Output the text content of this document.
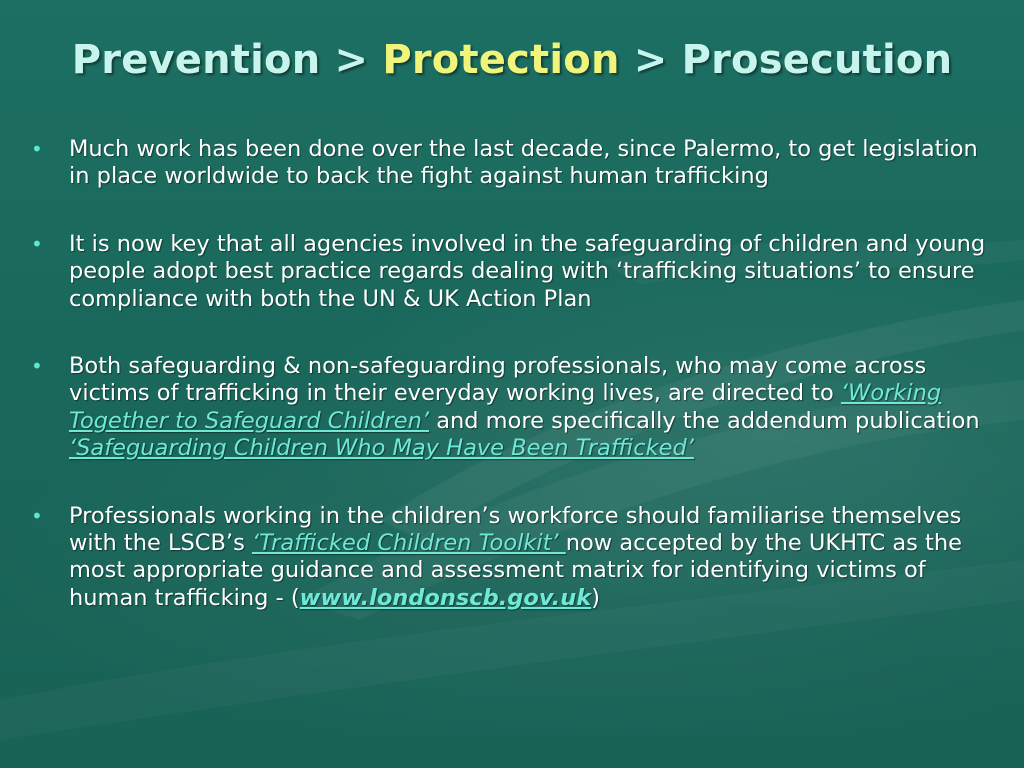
Prevention > Protection > Prosecution
• Much work has been done over the last decade, since Palermo, to get legislation in place worldwide to back the fight against human trafficking
• It is now key that all agencies involved in the safeguarding of children and young people adopt best practice regards dealing with ‘trafficking situations’ to ensure compliance with both the UN & UK Action Plan
• Both safeguarding & non-safeguarding professionals, who may come across victims of trafficking in their everyday working lives, are directed to ‘Working Together to Safeguard Children’ and more specifically the addendum publication ‘Safeguarding Children Who May Have Been Trafficked’
• Professionals working in the children’s workforce should familiarise themselves with the LSCB’s ‘Trafficked Children Toolkit’ now accepted by the UKHTC as the most appropriate guidance and assessment matrix for identifying victims of human trafficking - (www.londonscb.gov.uk)
